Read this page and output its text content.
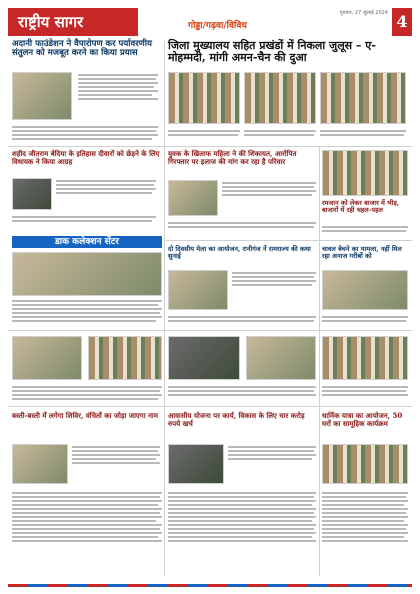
राष्ट्रीय सागर	गोड्डा/गढ़वा/विविध
गुरुवार, 27 जुलाई 2024 4
अदानी फाउंडेशन ने वैपारोपण कर पर्यावरणीय संतुलन को मजबूत करने का किया प्रयास
जिला मुख्यालय सहित प्रखंडों में निकला जुलूस – ए-मोहम्मदी, मांगी अमन-चैन की दुआ
शहीद जीतराम बेदिया के इतिहास दीवारों को छेड़ने के लिए विधायक ने किया आग्रह
युवक के खिलाफ महिला ने की शिकायत, आरोपित गिरफ्तार पर इलाज की मांग कर रहा है परिवार
रमजान को लेकर बाजार में भीड़, बाजारों में रही चहल-पहल
डाक कलेक्शन सेंटर
दो दिवसीय मेला का आयोजन, रानीगंज नें रामराज्य की कथा सुनाई
चावल बेचने का मामला, नहीं मिल रहा अनाज गरीबों को
बस्ती-बस्ती में लगेगा शिविर, वंचितों का जोड़ा जाएगा नाम	आवासीय योजना पर कार्य, विकास के लिए चार करोड़ रुपये खर्च
धार्मिक यात्रा का आयोजन, 50 घरों का सामूहिक कार्यक्रम
